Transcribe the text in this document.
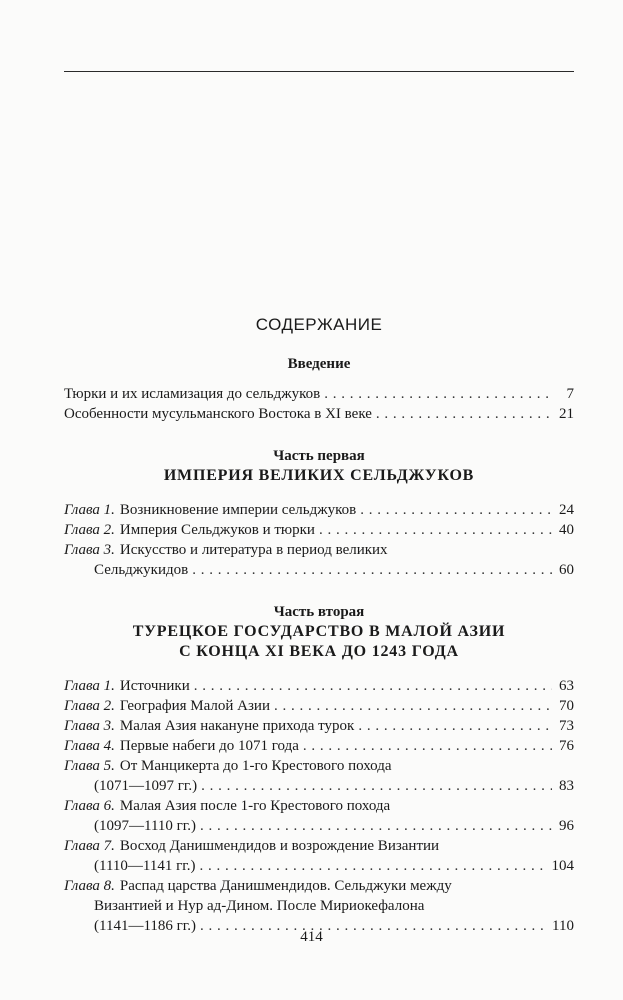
СОДЕРЖАНИЕ
Введение
Тюрки и их исламизация до сельджуков . . .	7
Особенности мусульманского Востока в XI веке . . .	21
Часть первая
ИМПЕРИЯ ВЕЛИКИХ СЕЛЬДЖУКОВ
Глава 1. Возникновение империи сельджуков . . .	24
Глава 2. Империя Сельджуков и тюрки . . .	40
Глава 3. Искусство и литература в период великих
Сельджукидов . . .	60
Часть вторая
ТУРЕЦКОЕ ГОСУДАРСТВО В МАЛОЙ АЗИИ
С КОНЦА XI ВЕКА ДО 1243 ГОДА
Глава 1. Источники . . .	63
Глава 2. География Малой Азии . . .	70
Глава 3. Малая Азия накануне прихода турок . . .	73
Глава 4. Первые набеги до 1071 года . . .	76
Глава 5. От Манцикерта до 1-го Крестового похода
(1071—1097 гг.) . . .	83
Глава 6. Малая Азия после 1-го Крестового похода
(1097—1110 гг.) . . .	96
Глава 7. Восход Данишмендидов и возрождение Византии
(1110—1141 гг.) . . .	104
Глава 8. Распад царства Данишмендидов. Сельджуки между
Византией и Нур ад-Дином. После Мириокефалона
(1141—1186 гг.) . . .	110
414
